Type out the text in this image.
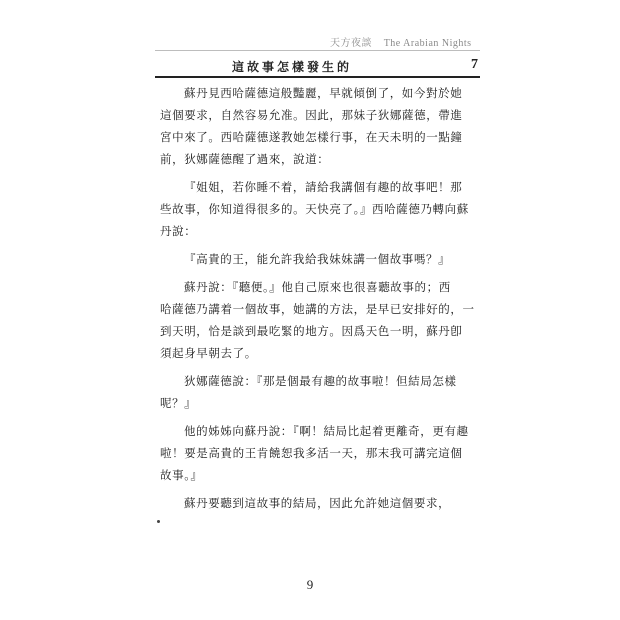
天方夜談 The Arabian Nights
這故事怎樣發生的	7
蘇丹見西哈薩德這般豔麗，早就傾倒了，如今對於她
這個要求，自然容易允准。因此，那妹子狄娜薩德，帶進
宮中來了。西哈薩德遂教她怎樣行事，在天未明的一點鐘
前，狄娜薩德醒了過來，說道：
『姐姐，若你睡不着，請給我講個有趣的故事吧！那
些故事，你知道得很多的。天快亮了。』西哈薩德乃轉向蘇
丹說：
『高貴的王，能允許我給我妹妹講一個故事嗎？』
蘇丹說：『聽便。』他自己原來也很喜聽故事的；西
哈薩德乃講着一個故事，她講的方法，是早已安排好的，一
到天明，恰是談到最吃緊的地方。因爲天色一明，蘇丹卽
須起身早朝去了。
狄娜薩德說：『那是個最有趣的故事啦！但結局怎樣
呢？』
他的姊姊向蘇丹說：『啊！結局比起着更離奇，更有趣
啦！要是高貴的王肯饒恕我多活一天，那末我可講完這個
故事。』
蘇丹要聽到這故事的結局，因此允許她這個要求，
9
